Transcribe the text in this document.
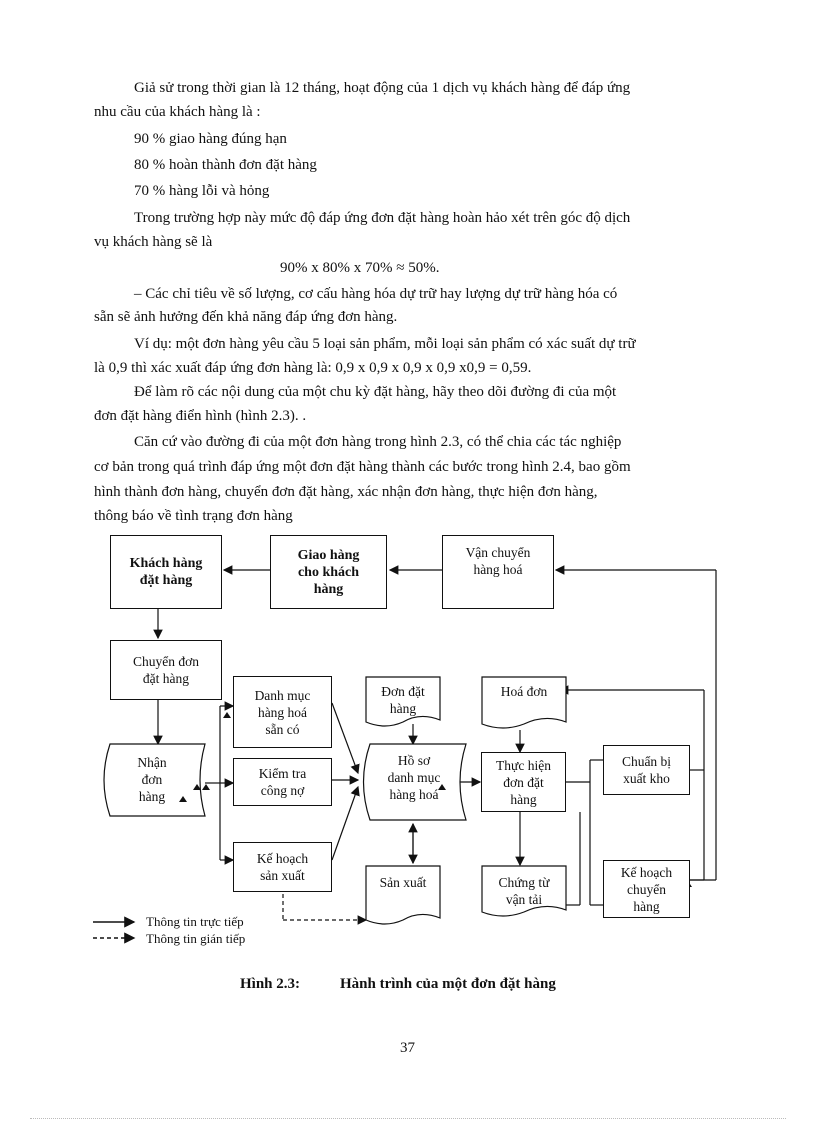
Giả sử trong thời gian là 12 tháng, hoạt động của 1 dịch vụ khách hàng để đáp ứng
nhu cầu của khách hàng là :
90 % giao hàng đúng hạn
80 % hoàn thành đơn đặt hàng
70 % hàng lỗi và hỏng
Trong trường hợp này mức độ đáp ứng đơn đặt hàng hoàn hảo xét trên góc độ dịch
vụ khách hàng sẽ là
90% x 80% x 70% ≈ 50%.
– Các chỉ tiêu về số lượng, cơ cấu hàng hóa dự trữ hay lượng dự trữ hàng hóa có
sẵn sẽ ảnh hưởng đến khả năng đáp ứng đơn hàng.
Ví dụ: một đơn hàng yêu cầu 5 loại sản phẩm, mỗi loại sản phẩm có xác suất dự trữ
là 0,9 thì xác xuất đáp ứng đơn hàng là: 0,9 x 0,9 x 0,9 x 0,9 x0,9 = 0,59.
Để làm rõ các nội dung của một chu kỳ đặt hàng, hãy theo dõi đường đi của một
đơn đặt hàng điển hình (hình 2.3). .
Căn cứ vào đường đi của một đơn hàng trong hình 2.3, có thể chia các tác nghiệp
cơ bản trong quá trình đáp ứng một đơn đặt hàng thành các bước trong hình 2.4, bao gồm
hình thành đơn hàng, chuyển đơn đặt hàng, xác nhận đơn hàng, thực hiện đơn hàng,
thông báo về tình trạng đơn hàng
Khách hàng
đặt hàng
Giao hàng
cho khách
hàng
Vận chuyển
hàng hoá
Chuyển đơn
đặt hàng
Danh mục
hàng hoá
sẵn có
Kiểm tra
công nợ
Kế hoạch
sản xuất
Thực hiện
đơn đặt
hàng
Chuẩn bị
xuất kho
Kế hoạch
chuyển
hàng
Đơn đặt
hàng
Hoá đơn
Sản xuất	Chứng từ
vận tải
Nhận
đơn
hàng
Hồ sơ
danh mục
hàng hoá
Thông tin trực tiếp
Thông tin gián tiếp
Hình 2.3:	Hành trình của một đơn đặt hàng
37
